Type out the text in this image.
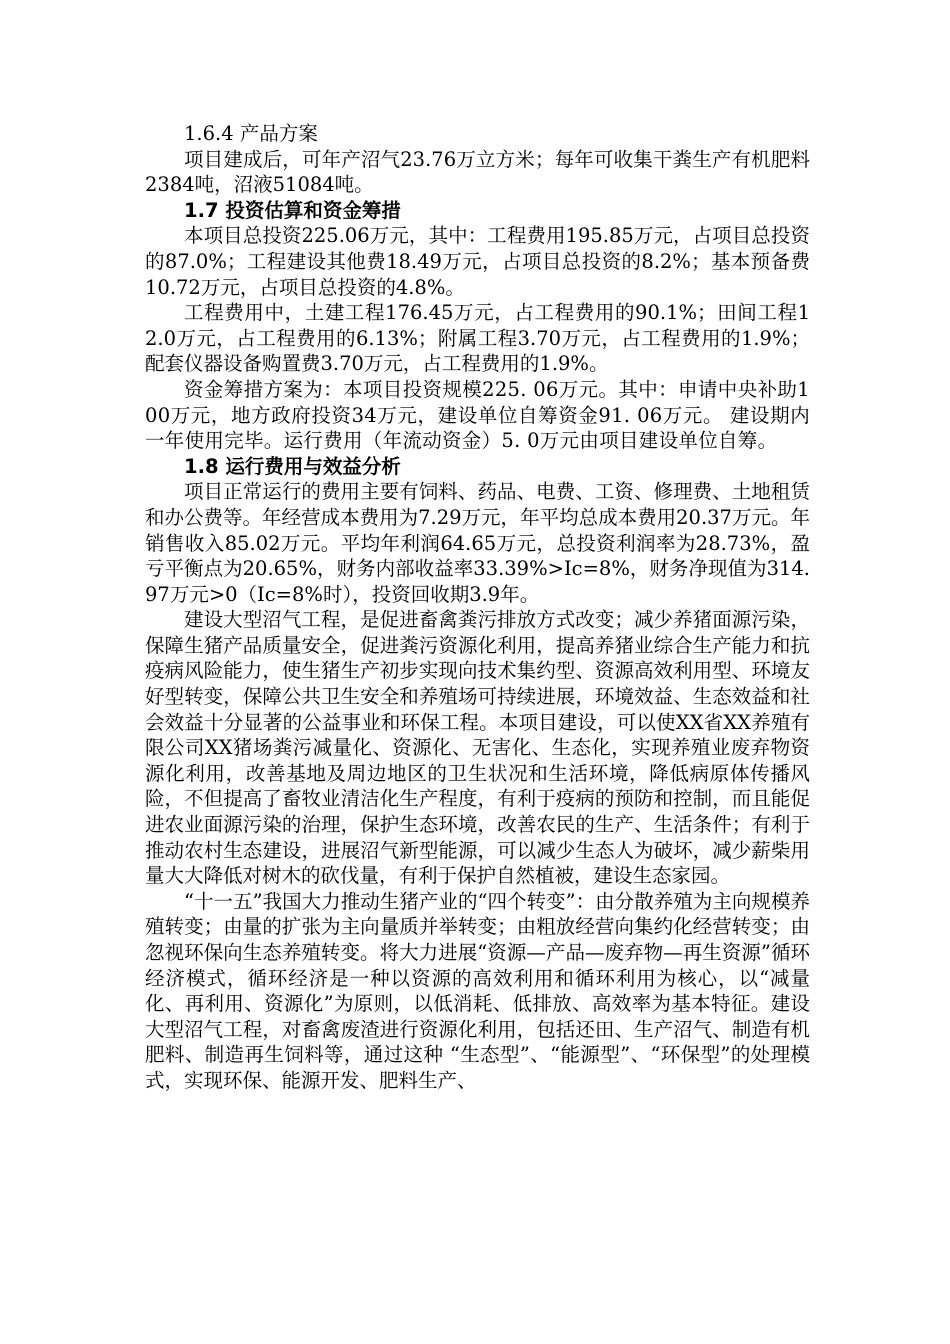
1.6.4 产品方案

项目建成后，可年产沼气23.76万立方米；每年可收集干粪生产有机肥料2384吨，沼液51084吨。

1.7 投资估算和资金筹措

本项目总投资225.06万元，其中：工程费用195.85万元，占项目总投资的87.0%；工程建设其他费18.49万元，占项目总投资的8.2%；基本预备费10.72万元，占项目总投资的4.8%。

工程费用中，土建工程176.45万元，占工程费用的90.1%；田间工程12.0万元，占工程费用的6.13%；附属工程3.70万元，占工程费用的1.9%；配套仪器设备购置费3.70万元，占工程费用的1.9%。

资金筹措方案为：本项目投资规模225. 06万元。其中：申请中央补助100万元，地方政府投资34万元，建设单位自筹资金91. 06万元。 建设期内一年使用完毕。运行费用（年流动资金）5. 0万元由项目建设单位自筹。

1.8 运行费用与效益分析

项目正常运行的费用主要有饲料、药品、电费、工资、修理费、土地租赁和办公费等。年经营成本费用为7.29万元，年平均总成本费用20.37万元。年销售收入85.02万元。平均年利润64.65万元，总投资利润率为28.73%，盈亏平衡点为20.65%，财务内部收益率33.39%>Ic=8%，财务净现值为314.97万元>0（Ic=8%时），投资回收期3.9年。

建设大型沼气工程，是促进畜禽粪污排放方式改变；减少养猪面源污染，保障生猪产品质量安全，促进粪污资源化利用，提高养猪业综合生产能力和抗疫病风险能力，使生猪生产初步实现向技术集约型、资源高效利用型、环境友好型转变，保障公共卫生安全和养殖场可持续进展，环境效益、生态效益和社会效益十分显著的公益事业和环保工程。本项目建设，可以使XX省XX养殖有限公司XX猪场粪污减量化、资源化、无害化、生态化，实现养殖业废弃物资源化利用，改善基地及周边地区的卫生状况和生活环境，降低病原体传播风险，不但提高了畜牧业清洁化生产程度，有利于疫病的预防和控制，而且能促进农业面源污染的治理，保护生态环境，改善农民的生产、生活条件；有利于推动农村生态建设，进展沼气新型能源，可以减少生态人为破坏，减少薪柴用量大大降低对树木的砍伐量，有利于保护自然植被，建设生态家园。

“十一五”我国大力推动生猪产业的“四个转变”：由分散养殖为主向规模养殖转变；由量的扩张为主向量质并举转变；由粗放经营向集约化经营转变；由忽视环保向生态养殖转变。将大力进展“资源—产品—废弃物—再生资源”循环经济模式，循环经济是一种以资源的高效利用和循环利用为核心，以“减量化、再利用、资源化”为原则，以低消耗、低排放、高效率为基本特征。建设大型沼气工程，对畜禽废渣进行资源化利用，包括还田、生产沼气、制造有机肥料、制造再生饲料等，通过这种 “生态型”、“能源型”、“环保型”的处理模式，实现环保、能源开发、肥料生产、
